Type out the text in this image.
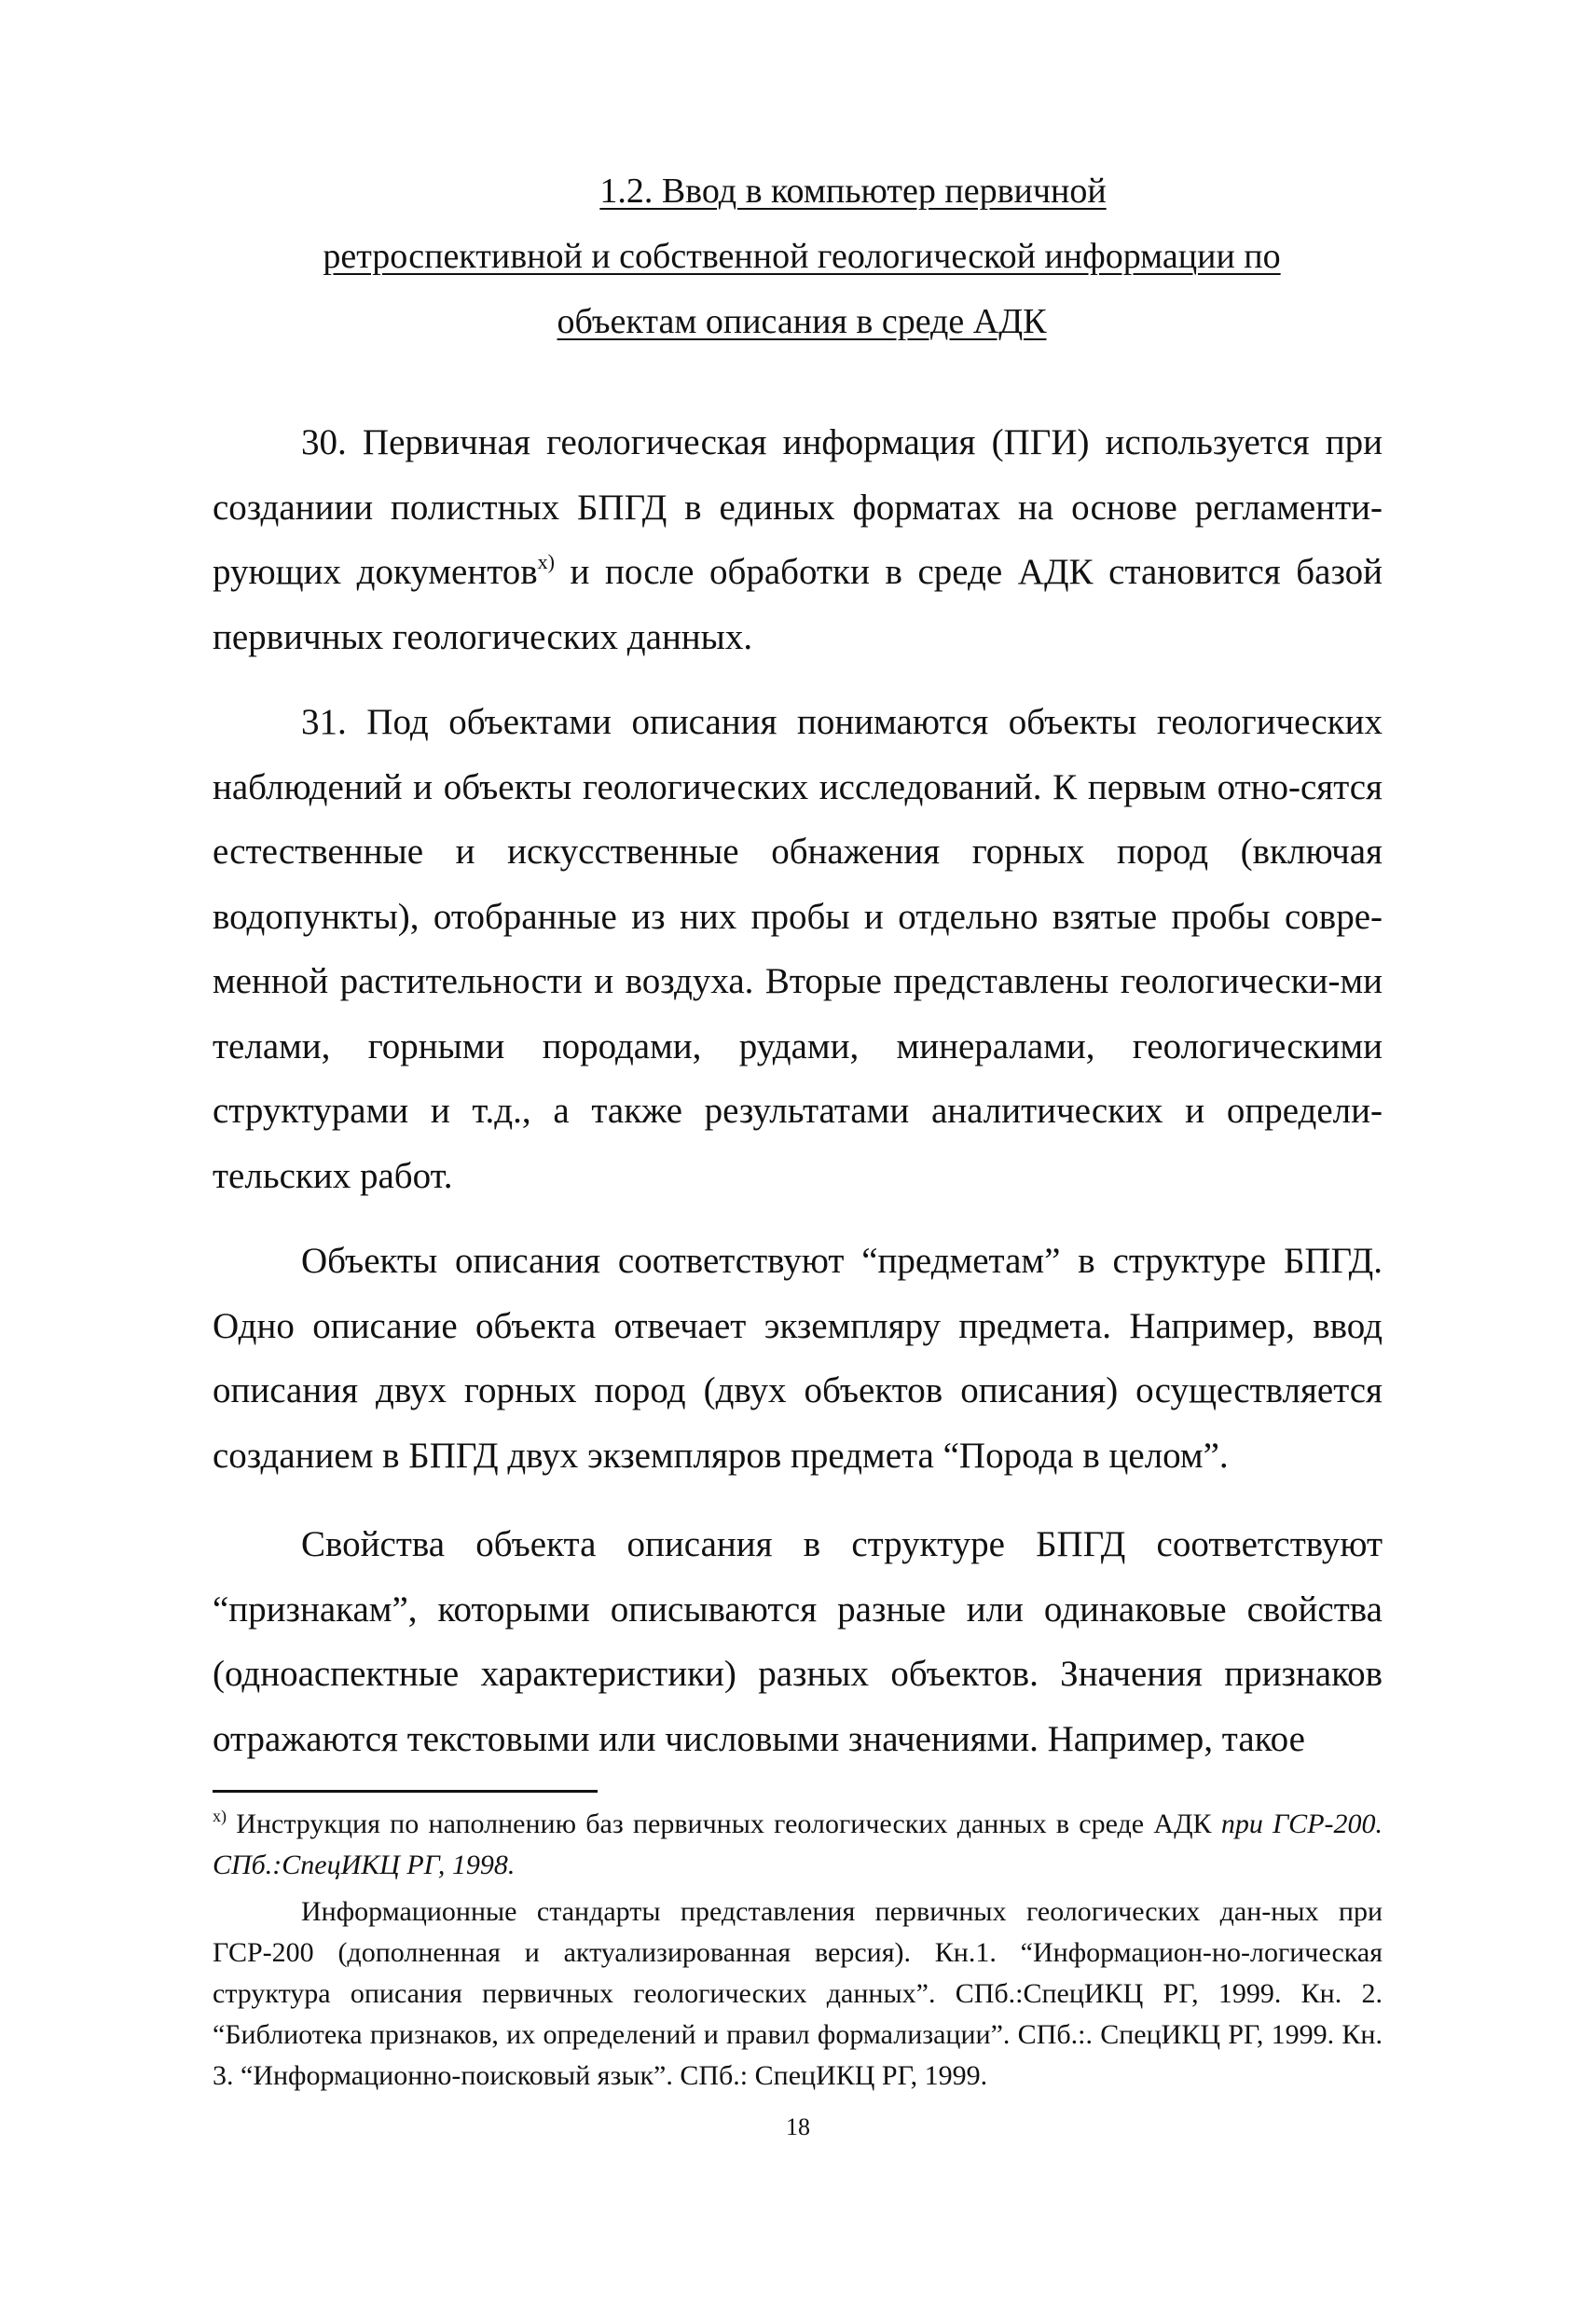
1.2. Ввод в компьютер первичной
ретроспективной и собственной геологической информации по
объектам описания в среде АДК

30. Первичная геологическая информация (ПГИ) используется при созданиии полистных БПГД в единых форматах на основе регламенти-рующих документов$^{х)}$ и после обработки в среде АДК становится базой первичных геологических данных.

31. Под объектами описания понимаются объекты геологических наблюдений и объекты геологических исследований. К первым отно-сятся естественные и искусственные обнажения горных пород (включая водопункты), отобранные из них пробы и отдельно взятые пробы совре-менной растительности и воздуха. Вторые представлены геологически-ми телами, горными породами, рудами, минералами, геологическими структурами и т.д., а также результатами аналитических и определи-тельских работ.

Объекты описания соответствуют “предметам” в структуре БПГД. Одно описание объекта отвечает экземпляру предмета. Например, ввод описания двух горных пород (двух объектов описания) осуществляется созданием в БПГД двух экземпляров предмета “Порода в целом”.

Свойства объекта описания в структуре БПГД соответствуют “признакам”, которыми описываются разные или одинаковые свойства (одноаспектные характеристики) разных объектов. Значения признаков отражаются текстовыми или числовыми значениями. Например, такое

$^{х)}$ Инструкция по наполнению баз первичных геологических данных в среде АДК при ГСР-200. СПб.:СпецИКЦ РГ, 1998.

Информационные стандарты представления первичных геологических дан-ных при ГСР-200 (дополненная и актуализированная версия). Кн.1. “Информацион-но-логическая структура описания первичных геологических данных”. СПб.:СпецИКЦ РГ, 1999. Кн. 2. “Библиотека признаков, их определений и правил формализации”. СПб.:. СпецИКЦ РГ, 1999. Кн. 3. “Информационно-поисковый язык”. СПб.: СпецИКЦ РГ, 1999.

18
